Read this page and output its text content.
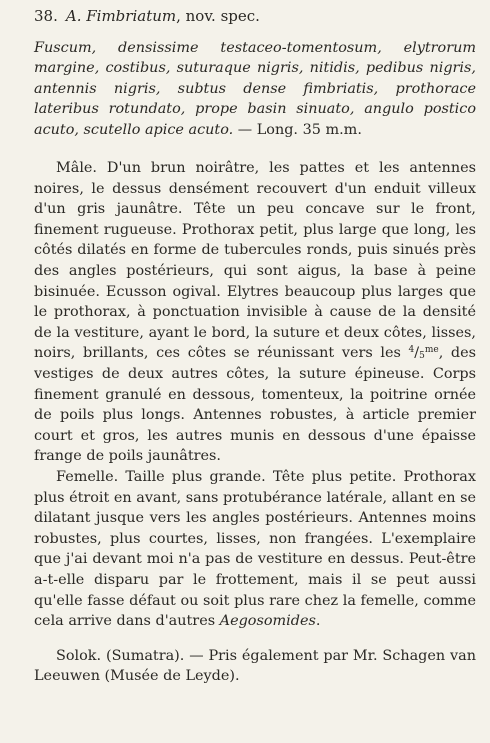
38. A. Fimbriatum, nov. spec.

Fuscum, densissime testaceo-tomentosum, elytrorum margine, costibus, suturaque nigris, nitidis, pedibus nigris, antennis nigris, subtus dense fimbriatis, prothorace lateribus rotundato, prope basin sinuato, angulo postico acuto, scutello apice acuto. — Long. 35 m.m.

Mâle. D'un brun noirâtre, les pattes et les antennes noires, le dessus densément recouvert d'un enduit villeux d'un gris jaunâtre. Tête un peu concave sur le front, finement rugueuse. Prothorax petit, plus large que long, les côtés dilatés en forme de tubercules ronds, puis sinués près des angles postérieurs, qui sont aigus, la base à peine bisinuée. Ecusson ogival. Elytres beaucoup plus larges que le prothorax, à ponctuation invisible à cause de la densité de la vestiture, ayant le bord, la suture et deux côtes, lisses, noirs, brillants, ces côtes se réunissant vers les $^4/_5^{me}$, des vestiges de deux autres côtes, la suture épineuse. Corps finement granulé en dessous, tomenteux, la poitrine ornée de poils plus longs. Antennes robustes, à article premier court et gros, les autres munis en dessous d'une épaisse frange de poils jaunâtres.

Femelle. Taille plus grande. Tête plus petite. Prothorax plus étroit en avant, sans protubérance latérale, allant en se dilatant jusque vers les angles postérieurs. Antennes moins robustes, plus courtes, lisses, non frangées. L'exemplaire que j'ai devant moi n'a pas de vestiture en dessus. Peut-être a-t-elle disparu par le frottement, mais il se peut aussi qu'elle fasse défaut ou soit plus rare chez la femelle, comme cela arrive dans d'autres Aegosomides.

Solok. (Sumatra). — Pris également par Mr. Schagen van Leeuwen (Musée de Leyde).
